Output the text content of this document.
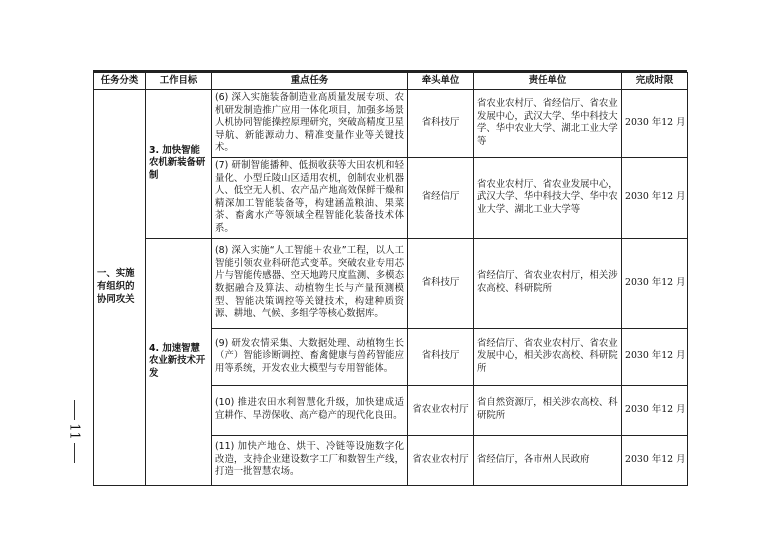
任务分类	工作目标	重点任务	牵头单位	责任单位	完成时限
一、实施有组织的协同攻关	3. 加快智能农机新装备研制	(6) 深入实施装备制造业高质量发展专项、农机研发制造推广应用一体化项目，加强多场景人机协同智能操控原理研究，突破高精度卫星导航、新能源动力、精准变量作业等关键技术。	省科技厅	省农业农村厅、省经信厅、省农业发展中心，武汉大学、华中科技大学、华中农业大学、湖北工业大学等	2030 年12 月
		(7) 研制智能播种、低损收获等大田农机和轻量化、小型丘陵山区适用农机，创制农业机器人、低空无人机、农产品产地高效保鲜干燥和精深加工智能装备等，构建涵盖粮油、果菜茶、畜禽水产等领域全程智能化装备技术体系。	省经信厅	省农业农村厅、省农业发展中心，武汉大学、华中科技大学、华中农业大学、湖北工业大学等	2030 年12 月
	4. 加速智慧农业新技术开发	(8) 深入实施“人工智能＋农业”工程，以人工智能引领农业科研范式变革。突破农业专用芯片与智能传感器、空天地跨尺度监测、多模态数据融合及算法、动植物生长与产量预测模型、智能决策调控等关键技术，构建种质资源、耕地、气候、多组学等核心数据库。	省科技厅	省经信厅、省农业农村厅，相关涉农高校、科研院所	2030 年12 月
		(9) 研发农情采集、大数据处理、动植物生长（产）智能诊断调控、畜禽健康与兽药智能应用等系统，开发农业大模型与专用智能体。	省科技厅	省经信厅、省农业农村厅、省农业发展中心，相关涉农高校、科研院所	2030 年12 月
		(10) 推进农田水利智慧化升级，加快建成适宜耕作、旱涝保收、高产稳产的现代化良田。	省农业农村厅	省自然资源厅，相关涉农高校、科研院所	2030 年12 月
		(11) 加快产地仓、烘干、冷链等设施数字化改造，支持企业建设数字工厂和数智生产线，打造一批智慧农场。	省农业农村厅	省经信厅，各市州人民政府	2030 年12 月
11
